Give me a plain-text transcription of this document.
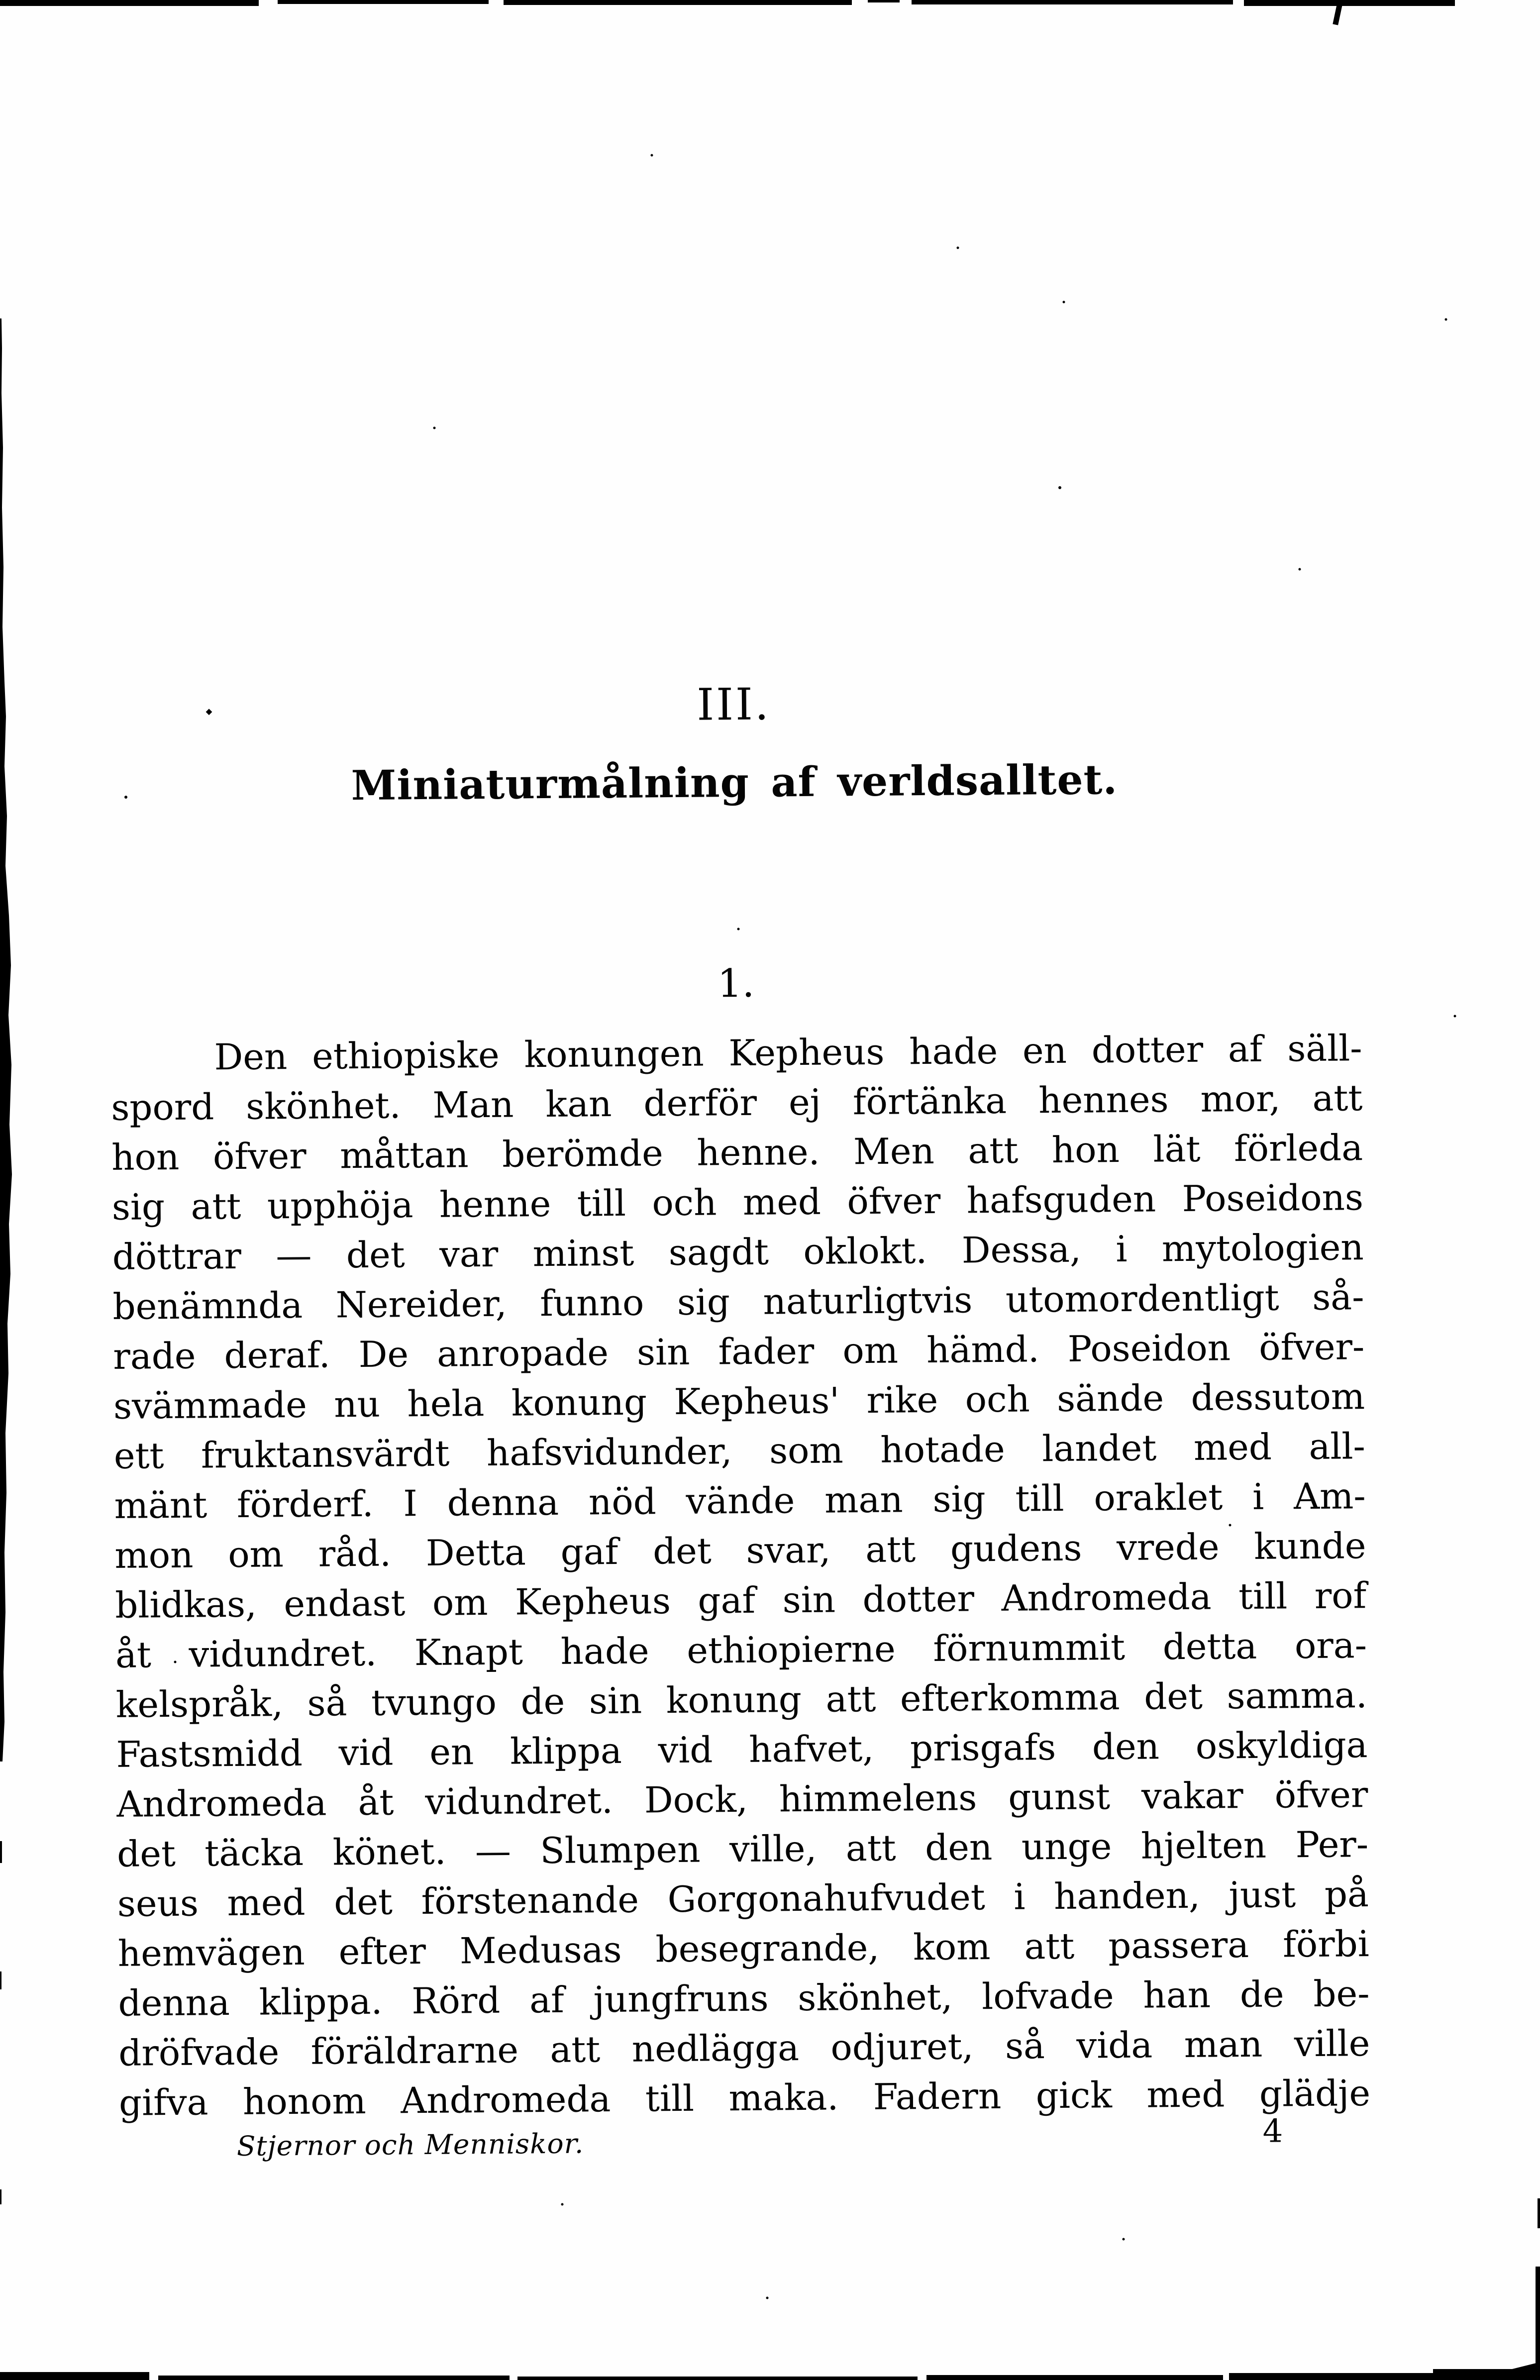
III.
Miniaturmålning af verldsalltet.
1.
Den ethiopiske konungen Kepheus hade en dotter af säll-
spord skönhet. Man kan derför ej förtänka hennes mor, att
hon öfver måttan berömde henne. Men att hon lät förleda
sig att upphöja henne till och med öfver hafsguden Poseidons
döttrar — det var minst sagdt oklokt. Dessa, i mytologien
benämnda Nereider, funno sig naturligtvis utomordentligt så-
rade deraf. De anropade sin fader om hämd. Poseidon öfver-
svämmade nu hela konung Kepheus' rike och sände dessutom
ett fruktansvärdt hafsvidunder, som hotade landet med all-
mänt förderf. I denna nöd vände man sig till oraklet i Am-
mon om råd. Detta gaf det svar, att gudens vrede kunde
blidkas, endast om Kepheus gaf sin dotter Andromeda till rof
åt vidundret. Knapt hade ethiopierne förnummit detta ora-
kelspråk, så tvungo de sin konung att efterkomma det samma.
Fastsmidd vid en klippa vid hafvet, prisgafs den oskyldiga
Andromeda åt vidundret. Dock, himmelens gunst vakar öfver
det täcka könet. — Slumpen ville, att den unge hjelten Per-
seus med det förstenande Gorgonahufvudet i handen, just på
hemvägen efter Medusas besegrande, kom att passera förbi
denna klippa. Rörd af jungfruns skönhet, lofvade han de be-
dröfvade föräldrarne att nedlägga odjuret, så vida man ville
gifva honom Andromeda till maka. Fadern gick med glädje
Stjernor och Menniskor.	4
